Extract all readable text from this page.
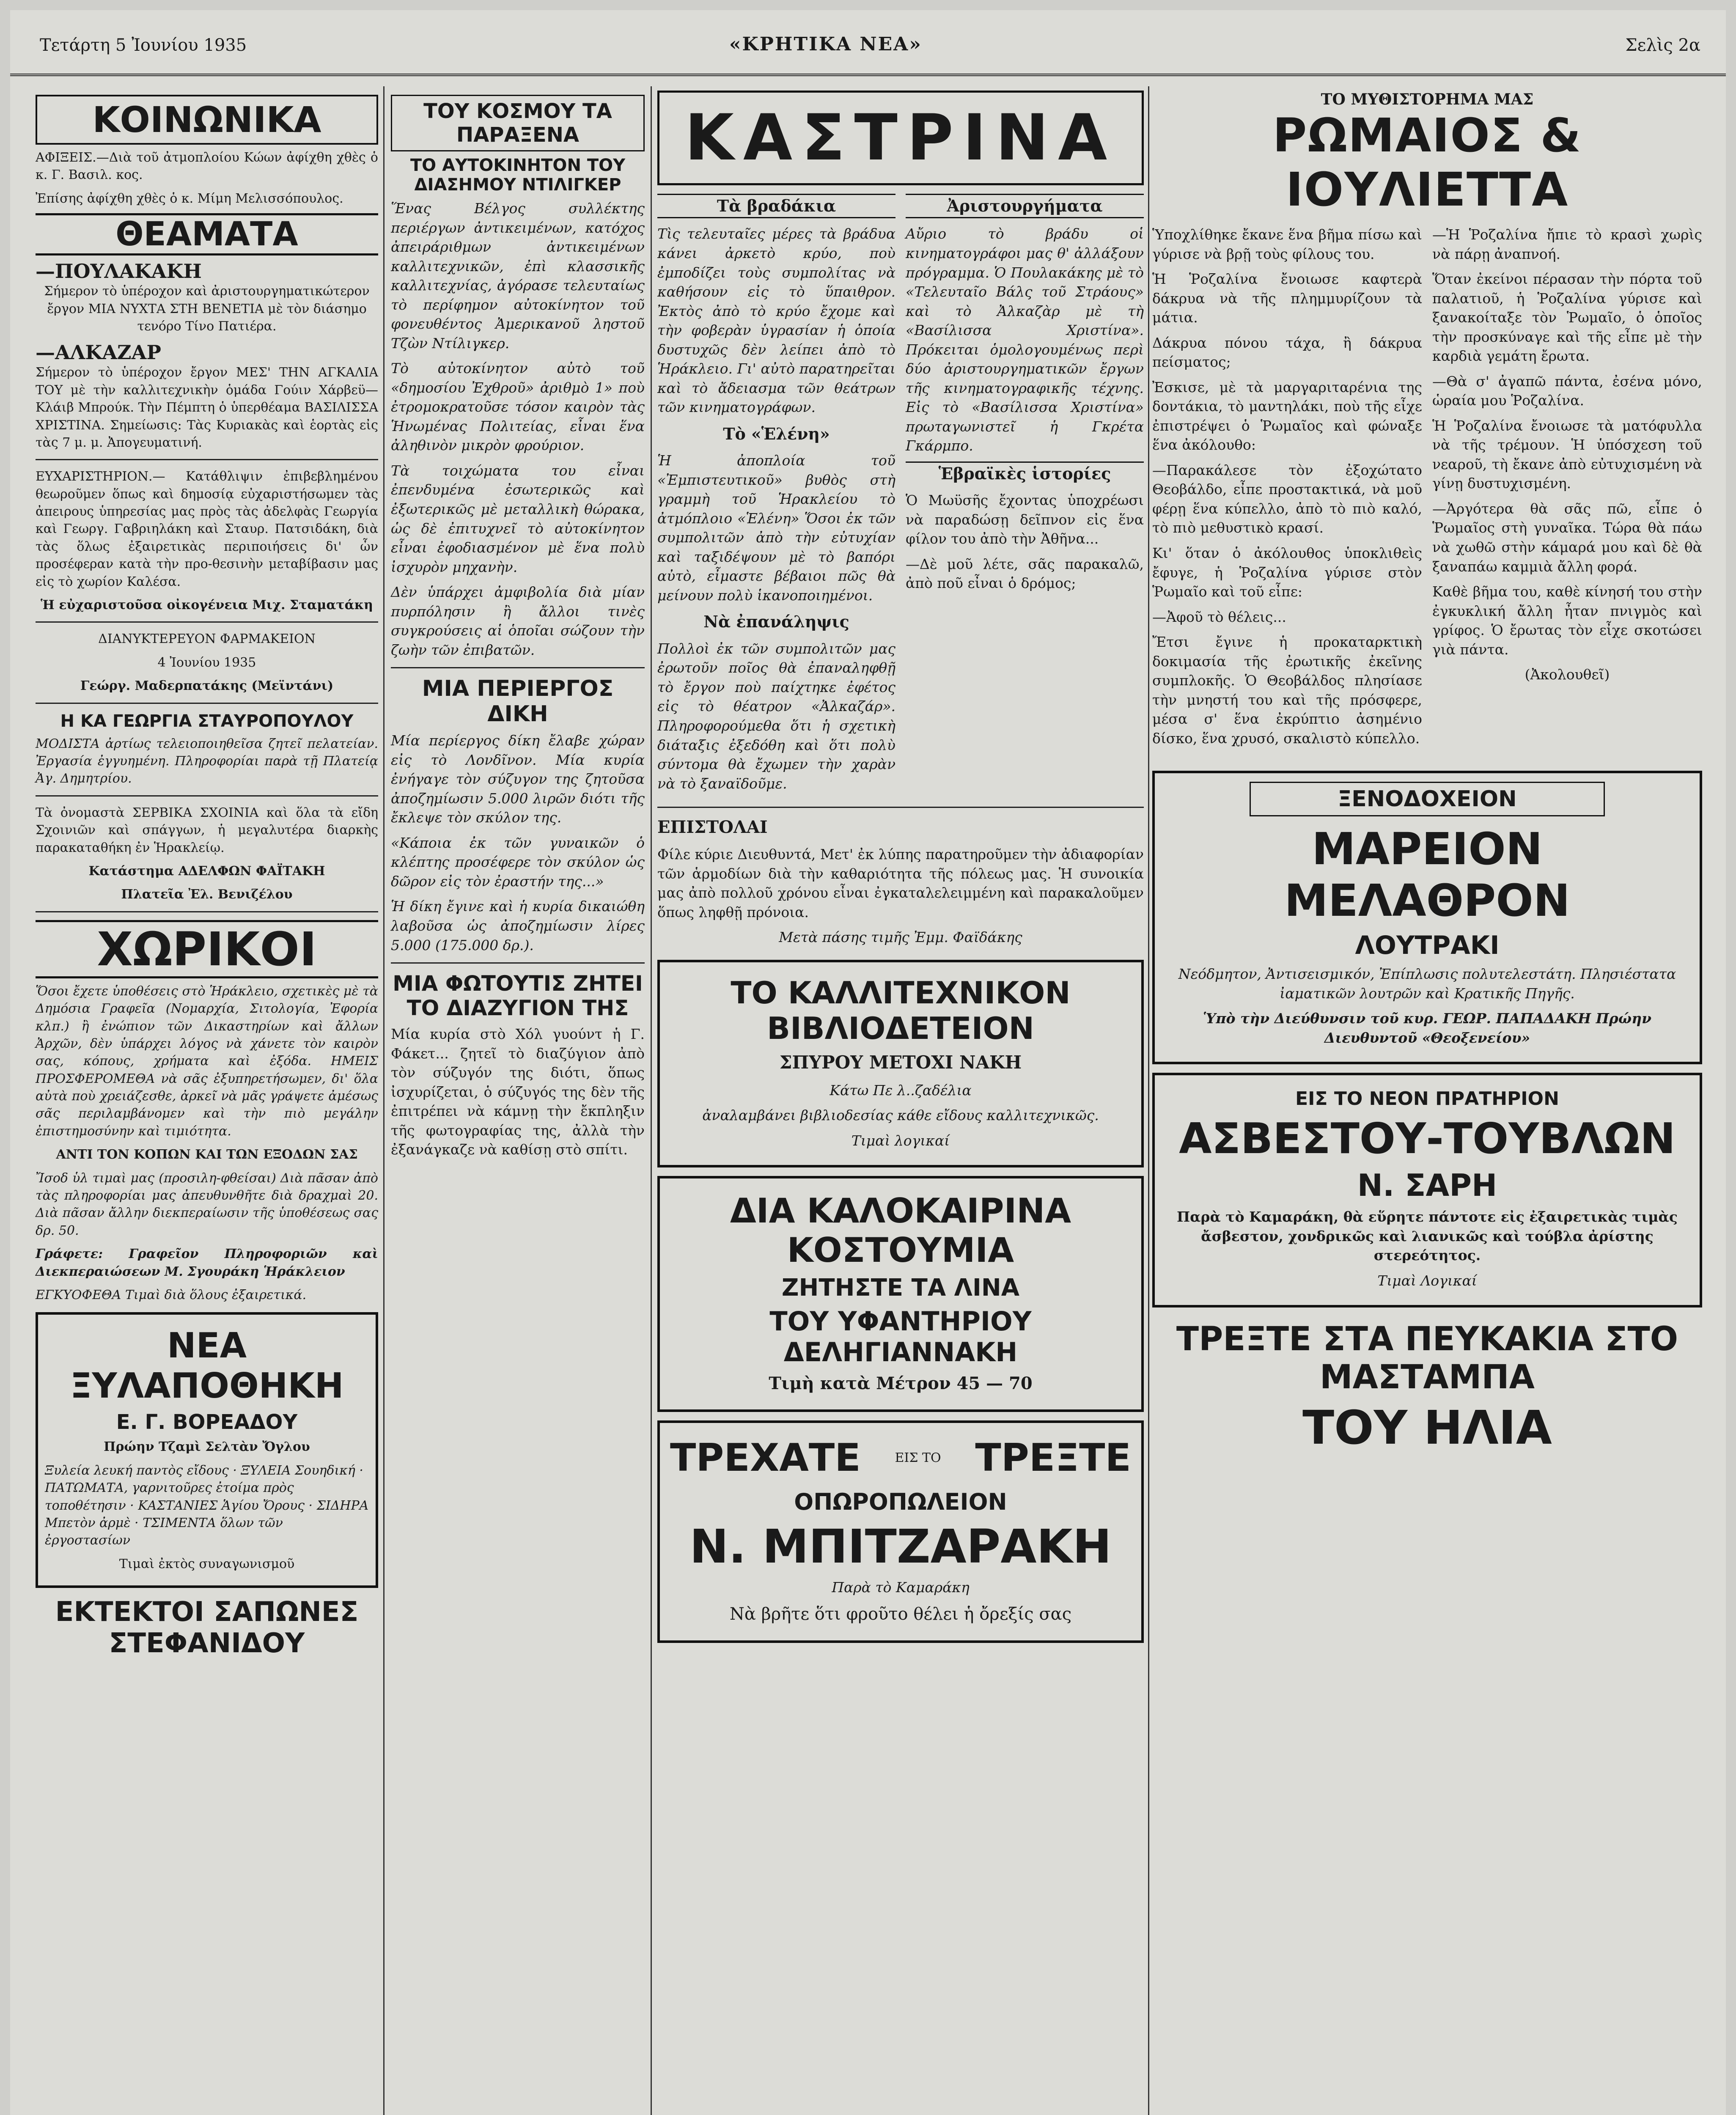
Τετάρτη 5 Ἰουνίου 1935	«ΚΡΗΤΙΚΑ ΝΕΑ»	Σελὶς 2α
ΚΟΙΝΩΝΙΚΑ

ΑΦΙΞΕΙΣ.—Διὰ τοῦ ἀτμοπλοίου Κώων ἀφίχθη χθὲς ὁ κ. Γ. Βασιλ. κος.

Ἐπίσης ἀφίχθη χθὲς ὁ κ. Μίμη Μελισσόπουλος.

ΘΕΑΜΑΤΑ
—ΠΟΥΛΑΚΑΚΗ

Σήμερον τὸ ὑπέροχον καὶ ἀριστουργηματικώτερον ἔργον ΜΙΑ ΝΥΧΤΑ ΣΤΗ ΒΕΝΕΤΙΑ μὲ τὸν διάσημο τενόρο Τίνο Πατιέρα.

—ΑΛΚΑΖΑΡ

Σήμερον τὸ ὑπέροχον ἔργον ΜΕΣ' ΤΗΝ ΑΓΚΑΛΙΑ ΤΟΥ μὲ τὴν καλλιτεχνικὴν ὁμάδα Γούιν Χάρβεϋ—Κλάιβ Μπρούκ. Τὴν Πέμπτη ὁ ὑπερθέαμα ΒΑΣΙΛΙΣΣΑ ΧΡΙΣΤΙΝΑ. Σημείωσις: Τὰς Κυριακὰς καὶ ἑορτὰς εἰς τὰς 7 μ. μ. Ἀπογευματινή.

ΕΥΧΑΡΙΣΤΗΡΙΟΝ.— Κατάθλιψιν ἐπιβεβλημένου θεωροῦμεν ὅπως καὶ δημοσίᾳ εὐχαριστήσωμεν τὰς ἀπειρους ὑπηρεσίας μας πρὸς τὰς ἀδελφὰς Γεωργία καὶ Γεωργ. Γαβριηλάκη καὶ Σταυρ. Πατσιδάκη, διὰ τὰς ὅλως ἐξαιρετικὰς περιποιήσεις δι' ὧν προσέφεραν κατὰ τὴν προ-θεσινὴν μεταβίβασιν μας εἰς τὸ χωρίον Καλέσα.

Ἡ εὐχαριστοῦσα οἰκογένεια Μιχ. Σταματάκη

ΔΙΑΝΥΚΤΕΡΕΥΟΝ ΦΑΡΜΑΚΕΙΟΝ

4 Ἰουνίου 1935

Γεώργ. Μαδερπατάκης (Μεϊντάνι)

Η ΚΑ ΓΕΩΡΓΙΑ ΣΤΑΥΡΟΠΟΥΛΟΥ

ΜΟΔΙΣΤΑ ἀρτίως τελειοποιηθεῖσα ζητεῖ πελατείαν. Ἐργασία ἐγγυημένη. Πληροφορίαι παρὰ τῇ Πλατείᾳ Ἀγ. Δημητρίου.

Τὰ ὀνομαστὰ ΣΕΡΒΙΚΑ ΣΧΟΙΝΙΑ καὶ ὅλα τὰ εἴδη Σχοινιῶν καὶ σπάγγων, ἡ μεγαλυτέρα διαρκὴς παρακαταθήκη ἐν Ἡρακλείῳ.

Κατάστημα ΑΔΕΛΦΩΝ ΦΑΪΤΑΚΗ

Πλατεῖα Ἐλ. Βενιζέλου

ΧΩΡΙΚΟΙ

Ὅσοι ἔχετε ὑποθέσεις στὸ Ἡράκλειο, σχετικὲς μὲ τὰ Δημόσια Γραφεῖα (Νομαρχία, Σιτολογία, Ἐφορία κλπ.) ἢ ἐνώπιον τῶν Δικαστηρίων καὶ ἄλλων Ἀρχῶν, δὲν ὑπάρχει λόγος νὰ χάνετε τὸν καιρὸν σας, κόπους, χρήματα καὶ ἐξόδα. ΗΜΕΙΣ ΠΡΟΣΦΕΡΟΜΕΘΑ νὰ σᾶς ἐξυπηρετήσωμεν, δι' ὅλα αὐτὰ ποὺ χρειάζεσθε, ἀρκεῖ νὰ μᾶς γράψετε ἀμέσως σᾶς περιλαμβάνομεν καὶ τὴν πιὸ μεγάλην ἐπιστημοσύνην καὶ τιμιότητα.

ΑΝΤΙ ΤΟΝ ΚΟΠΩΝ ΚΑΙ ΤΩΝ ΕΞΟΔΩΝ ΣΑΣ

Ἴσοδ ὑλ τιμαὶ μας (προσιλη-φθείσαι) Διὰ πᾶσαν ἀπὸ τὰς πληροφορίαι μας ἀπευθυνθῆτε διὰ δραχμαὶ 20. Διὰ πᾶσαν ἄλλην διεκπεραίωσιν τῆς ὑποθέσεως σας δρ. 50.

Γράφετε: Γραφεῖον Πληροφοριῶν καὶ Διεκπεραιώσεων Μ. Σγουράκη Ἡράκλειον

ΕΓΚΥΟΦΕΘΑ Τιμαὶ διὰ ὅλους ἐξαιρετικά.

ΝΕΑ ΞΥΛΑΠΟΘΗΚΗ
Ε. Γ. ΒΟΡΕΑΔΟΥ

Πρώην Τζαμὶ Σελτὰν Ὄγλου

Ξυλεία λευκή παντὸς εἴδους · ΞΥΛΕΙΑ Σουηδική · ΠΑΤΩΜΑΤΑ, γαρνιτοῦρες ἐτοίμα πρὸς τοποθέτησιν · ΚΑΣΤΑΝΙΕΣ Ἁγίου Ὄρους · ΣΙΔΗΡΑ Μπετὸν ἀρμὲ · ΤΣΙΜΕΝΤΑ ὅλων τῶν ἐργοστασίων

Τιμαὶ ἐκτὸς συναγωνισμοῦ

ΕΚΤΕΚΤΟΙ ΣΑΠΩΝΕΣ ΣΤΕΦΑΝΙΔΟΥ
ΤΟΥ ΚΟΣΜΟΥ ΤΑ ΠΑΡΑΞΕΝΑ
ΤΟ ΑΥΤΟΚΙΝΗΤΟΝ ΤΟΥ ΔΙΑΣΗΜΟΥ ΝΤΙΛΙΓΚΕΡ

Ἕνας Βέλγος συλλέκτης περιέργων ἀντικειμένων, κατόχος ἀπειράριθμων ἀντικειμένων καλλιτεχνικῶν, ἐπὶ κλασσικῆς καλλιτεχνίας, ἀγόρασε τελευταίως τὸ περίφημον αὐτοκίνητον τοῦ φονευθέντος Ἀμερικανοῦ ληστοῦ Τζὼν Ντίλιγκερ.

Τὸ αὐτοκίνητον αὐτὸ τοῦ «δημοσίου Ἐχθροῦ» ἀριθμὸ 1» ποὺ ἐτρομοκρατοῦσε τόσον καιρὸν τὰς Ἡνωμένας Πολιτείας, εἶναι ἕνα ἀληθινὸν μικρὸν φρούριον.

Τὰ τοιχώματα του εἶναι ἐπενδυμένα ἐσωτερικῶς καὶ ἐξωτερικῶς μὲ μεταλλικὴ θώρακα, ὡς δὲ ἐπιτυχνεῖ τὸ αὐτοκίνητον εἶναι ἐφοδιασμένον μὲ ἕνα πολὺ ἰσχυρὸν μηχανὴν.

Δὲν ὑπάρχει ἀμφιβολία διὰ μίαν πυρπόλησιν ἢ ἄλλοι τινὲς συγκρούσεις αἱ ὁποῖαι σώζουν τὴν ζωὴν τῶν ἐπιβατῶν.

ΜΙΑ ΠΕΡΙΕΡΓΟΣ ΔΙΚΗ

Μία περίεργος δίκη ἔλαβε χώραν εἰς τὸ Λονδῖνον. Μία κυρία ἐνήγαγε τὸν σύζυγον της ζητοῦσα ἀποζημίωσιν 5.000 λιρῶν διότι τῆς ἔκλεψε τὸν σκύλον της.

«Κάποια ἐκ τῶν γυναικῶν ὁ κλέπτης προσέφερε τὸν σκύλον ὡς δῶρον εἰς τὸν ἐραστήν της...»

Ἡ δίκη ἔγινε καὶ ἡ κυρία δικαιώθη λαβοῦσα ὡς ἀποζημίωσιν λίρες 5.000 (175.000 δρ.).

ΜΙΑ ΦΩΤΟΥΤΙΣ ΖΗΤΕΙ ΤΟ ΔΙΑΖΥΓΙΟΝ ΤΗΣ

Μία κυρία στὸ Χόλ γυούντ ἡ Γ. Φάκετ... ζητεῖ τὸ διαζύγιον ἀπὸ τὸν σύζυγόν της διότι, ὅπως ἰσχυρίζεται, ὁ σύζυγός της δὲν τῆς ἐπιτρέπει νὰ κάμνῃ τὴν ἔκπληξιν τῆς φωτογραφίας της, ἀλλὰ τὴν ἐξανάγκαζε νὰ καθίσῃ στὸ σπίτι.

ΚΑΣΤΡΙΝΑ

Τὰ βραδάκια

Τὶς τελευταῖες μέρες τὰ βράδυα κάνει ἀρκετὸ κρύο, ποὺ ἐμποδίζει τοὺς συμπολίτας νὰ καθήσουν εἰς τὸ ὕπαιθρον. Ἐκτὸς ἀπὸ τὸ κρύο ἔχομε καὶ τὴν φοβερὰν ὑγρασίαν ἡ ὁποία δυστυχῶς δὲν λείπει ἀπὸ τὸ Ἡράκλειο. Γι' αὐτὸ παρατηρεῖται καὶ τὸ ἄδειασμα τῶν θεάτρων τῶν κινηματογράφων.

Τὸ «Ἑλένη»

Ἡ ἀποπλοία τοῦ «Ἐμπιστευτικοῦ» βυθὸς στὴ γραμμὴ τοῦ Ἡρακλείου τὸ ἀτμόπλοιο «Ἑλένη» Ὅσοι ἐκ τῶν συμπολιτῶν ἀπὸ τὴν εὐτυχίαν καὶ ταξιδέψουν μὲ τὸ βαπόρι αὐτὸ, εἶμαστε βέβαιοι πῶς θὰ μείνουν πολὺ ἱκανοποιημένοι.

Νὰ ἐπανάληψις

Πολλοὶ ἐκ τῶν συμπολιτῶν μας ἐρωτοῦν ποῖος θὰ ἐπαναληφθῇ τὸ ἔργον ποὺ παίχτηκε ἐφέτος εἰς τὸ θέατρον «Ἀλκαζάρ». Πληροφορούμεθα ὅτι ἡ σχετικὴ διάταξις ἐξεδόθη καὶ ὅτι πολὺ σύντομα θὰ ἔχωμεν τὴν χαρὰν νὰ τὸ ξαναϊδοῦμε.

Ἀριστουργήματα

Αὔριο τὸ βράδυ οἱ κινηματογράφοι μας θ' ἀλλάξουν πρόγραμμα. Ὁ Πουλακάκης μὲ τὸ «Τελευταῖο Βάλς τοῦ Στράους» καὶ τὸ Ἀλκαζὰρ μὲ τὴ «Βασίλισσα Χριστίνα». Πρόκειται ὁμολογουμένως περὶ δύο ἀριστουργηματικῶν ἔργων τῆς κινηματογραφικῆς τέχνης. Εἰς τὸ «Βασίλισσα Χριστίνα» πρωταγωνιστεῖ ἡ Γκρέτα Γκάρμπο.

Ἑβραϊκὲς ἱστορίες

Ὁ Μωϋσῆς ἔχοντας ὑποχρέωσι νὰ παραδώσῃ δεῖπνον εἰς ἕνα φίλον του ἀπὸ τὴν Ἀθῆνα...

—Δὲ μοῦ λέτε, σᾶς παρακαλῶ, ἀπὸ ποῦ εἶναι ὁ δρόμος;

ΕΠΙΣΤΟΛΑΙ

Φίλε κύριε Διευθυντά, Μετ' ἐκ λύπης παρατηροῦμεν τὴν ἀδιαφορίαν τῶν ἁρμοδίων διὰ τὴν καθαριότητα τῆς πόλεως μας. Ἡ συνοικία μας ἀπὸ πολλοῦ χρόνου εἶναι ἐγκαταλελειμμένη καὶ παρακαλοῦμεν ὅπως ληφθῇ πρόνοια.

Μετὰ πάσης τιμῆς Ἐμμ. Φαϊδάκης

ΤΟ ΚΑΛΛΙΤΕΧΝΙΚΟΝ ΒΙΒΛΙΟΔΕΤΕΙΟΝ

ΣΠΥΡΟΥ ΜΕΤΟΧΙ ΝΑΚΗ

Κάτω Πε λ..ζαδέλια

ἀναλαμβάνει βιβλιοδεσίας κάθε εἴδους καλλιτεχνικῶς.

Τιμαὶ λογικαί

ΔΙΑ ΚΑΛΟΚΑΙΡΙΝΑ ΚΟΣΤΟΥΜΙΑ
ΖΗΤΗΣΤΕ ΤΑ ΛΙΝΑ
ΤΟΥ ΥΦΑΝΤΗΡΙΟΥ ΔΕΛΗΓΙΑΝΝΑΚΗ

Τιμὴ κατὰ Μέτρον 45 — 70

ΤΡΕΧΑΤΕ	ΕΙΣ ΤΟ ΤΡΕΞΤΕ
ΟΠΩΡΟΠΩΛΕΙΟΝ
Ν. ΜΠΙΤΖΑΡΑΚΗ

Παρὰ τὸ Καμαράκη

Νὰ βρῆτε ὅτι φροῦτο θέλει ἡ ὄρεξίς σας

ΤΟ ΜΥΘΙΣΤΟΡΗΜΑ ΜΑΣ
ΡΩΜΑΙΟΣ & ΙΟΥΛΙΕΤΤΑ

Ὑποχλίθηκε ἔκανε ἕνα βῆμα πίσω καὶ γύρισε νὰ βρῇ τοὺς φίλους του.

Ἡ Ῥοζαλίνα ἔνοιωσε καφτερὰ δάκρυα νὰ τῆς πλημμυρίζουν τὰ μάτια.

Δάκρυα πόνου τάχα, ἢ δάκρυα πείσματος;

Ἐσκισε, μὲ τὰ μαργαριταρένια της δοντάκια, τὸ μαντηλάκι, ποὺ τῆς εἶχε ἐπιστρέψει ὁ Ῥωμαῖος καὶ φώναξε ἕνα ἀκόλουθο:

—Παρακάλεσε τὸν ἐξοχώτατο Θεοβάλδο, εἶπε προστακτικά, νὰ μοῦ φέρῃ ἕνα κύπελλο, ἀπὸ τὸ πιὸ καλό, τὸ πιὸ μεθυστικὸ κρασί.

Κι' ὅταν ὁ ἀκόλουθος ὑποκλιθεὶς ἔφυγε, ἡ Ῥοζαλίνα γύρισε στὸν Ῥωμαῖο καὶ τοῦ εἶπε:

—Ἀφοῦ τὸ θέλεις...

Ἔτσι ἔγινε ἡ προκαταρκτικὴ δοκιμασία τῆς ἐρωτικῆς ἐκεῖνης συμπλοκῆς. Ὁ Θεοβάλδος πλησίασε τὴν μνηστή του καὶ τῆς πρόσφερε, μέσα σ' ἕνα ἐκρύπτιο ἀσημένιο δίσκο, ἕνα χρυσό, σκαλιστὸ κύπελλο.

—Ἡ Ῥοζαλίνα ἤπιε τὸ κρασὶ χωρὶς νὰ πάρῃ ἀναπνοή.

Ὅταν ἐκείνοι πέρασαν τὴν πόρτα τοῦ παλατιοῦ, ἡ Ῥοζαλίνα γύρισε καὶ ξανακοίταξε τὸν Ῥωμαῖο, ὁ ὁποῖος τὴν προσκύναγε καὶ τῆς εἶπε μὲ τὴν καρδιὰ γεμάτη ἔρωτα.

—Θὰ σ' ἀγαπῶ πάντα, ἐσένα μόνο, ὡραία μου Ῥοζαλίνα.

Ἡ Ῥοζαλίνα ἔνοιωσε τὰ ματόφυλλα νὰ τῆς τρέμουν. Ἡ ὑπόσχεση τοῦ νεαροῦ, τὴ ἔκανε ἀπὸ εὐτυχισμένη νὰ γίνῃ δυστυχισμένη.

—Ἀργότερα θὰ σᾶς πῶ, εἶπε ὁ Ῥωμαῖος στὴ γυναῖκα. Τώρα θὰ πάω νὰ χωθῶ στὴν κάμαρά μου καὶ δὲ θὰ ξαναπάω καμμιὰ ἄλλη φορά.

Καθὲ βῆμα του, καθὲ κίνησή του στὴν ἐγκυκλική ἄλλη ἦταν πνιγμὸς καὶ γρίφος. Ὁ ἔρωτας τὸν εἶχε σκοτώσει γιὰ πάντα.

(Ἀκολουθεῖ)

ΞΕΝΟΔΟΧΕΙΟΝ
ΜΑΡΕΙΟΝ ΜΕΛΑΘΡΟΝ
ΛΟΥΤΡΑΚΙ

Νεόδμητον, Ἀντισεισμικόν, Ἐπίπλωσις πολυτελεστάτη. Πλησιέστατα ἰαματικῶν λουτρῶν καὶ Κρατικῆς Πηγῆς.

Ὑπὸ τὴν Διεύθυνσιν τοῦ κυρ. ΓΕΩΡ. ΠΑΠΑΔΑΚΗ Πρώην Διευθυντοῦ «Θεοξενείου»

ΕΙΣ ΤΟ ΝΕΟΝ ΠΡΑΤΗΡΙΟΝ
ΑΣΒΕΣΤΟΥ-ΤΟΥΒΛΩΝ
Ν. ΣΑΡΗ

Παρὰ τὸ Καμαράκη, θὰ εὕρητε πάντοτε εἰς ἐξαιρετικὰς τιμὰς ἄσβεστον, χονδρικῶς καὶ λιανικῶς καὶ τούβλα ἀρίστης στερεότητος.

Τιμαὶ Λογικαί

ΤΡΕΞΤΕ ΣΤΑ ΠΕΥΚΑΚΙΑ ΣΤΟ ΜΑΣΤΑΜΠΑ
ΤΟΥ ΗΛΙΑ
